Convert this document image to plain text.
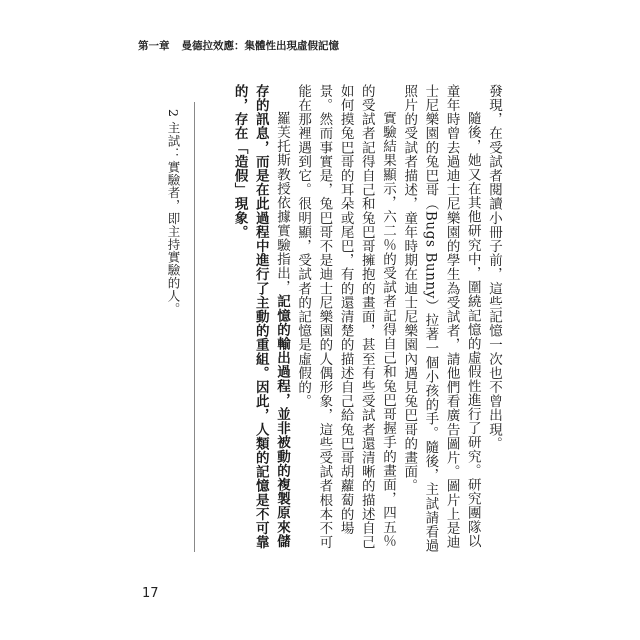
第一章 曼德拉效應：集體性出現虛假記憶

發現，在受試者閱讀小冊子前，這些記憶一次也不曾出現。

隨後，她又在其他研究中，圍繞記憶的虛假性進行了研究。研究團隊以童年時曾去過迪士尼樂園的學生為受試者，請他們看廣告圖片。圖片上是迪士尼樂園的兔巴哥（Bugs Bunny）拉著一個小孩的手。隨後，主試請看過照片的受試者描述，童年時期在迪士尼樂園內遇見兔巴哥的畫面。

實驗結果顯示，六二％的受試者記得自己和兔巴哥握手的畫面，四五％的受試者記得自己和兔巴哥擁抱的畫面，甚至有些受試者還清晰的描述自己如何摸兔巴哥的耳朵或尾巴，有的還清楚的描述自己給兔巴哥胡蘿蔔的場景。然而事實是，兔巴哥不是迪士尼樂園的人偶形象，這些受試者根本不可能在那裡遇到它。很明顯，受試者的記憶是虛假的。

羅芙托斯教授依據實驗指出，記憶的輸出過程，並非被動的複製原來儲存的訊息，而是在此過程中進行了主動的重組。因此，人類的記憶是不可靠的，存在「造假」現象。

2 主試：實驗者，即主持實驗的人。
17
